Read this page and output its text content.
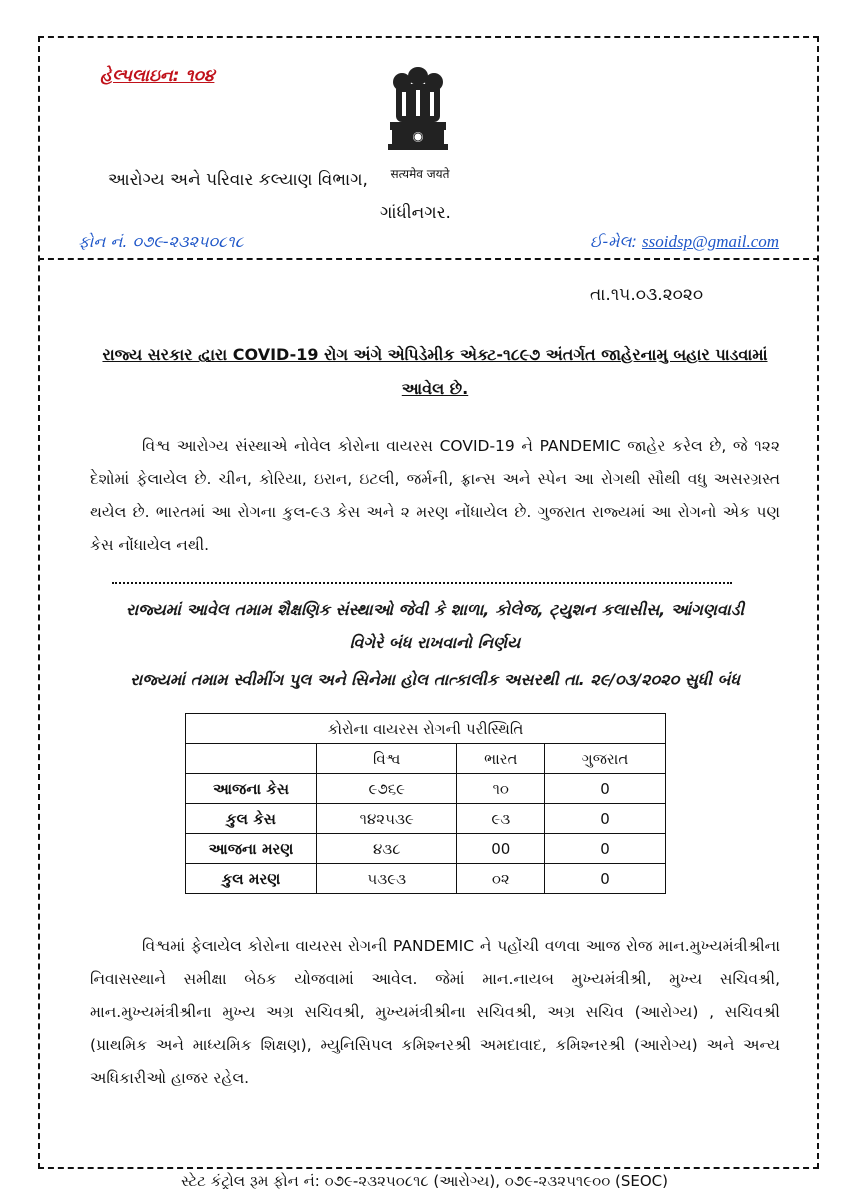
હેલ્પલાઇન: ૧૦૪
सत्यमेव जयते
આરોગ્ય અને પરિવાર કલ્યાણ વિભાગ,
ગાંધીનગર.
ફોન નં. ૦૭૯-૨૩૨૫૦૮૧૮	ઈ-મેલ: ssoidsp@gmail.com
તા.૧૫.૦૩.૨૦૨૦
રાજ્ય સરકાર દ્વારા COVID-19 રોગ અંગે એપિડેમીક એક્ટ-૧૮૯૭ અંતર્ગત જાહેરનામુ બહાર પાડવામાં આવેલ છે.
વિશ્વ આરોગ્ય સંસ્થાએ નોવેલ કોરોના વાયરસ COVID-19 ને PANDEMIC જાહેર કરેલ છે, જે ૧૨૨ દેશોમાં ફેલાયેલ છે. ચીન, કોરિયા, ઇરાન, ઇટલી, જર્મની, ફ્રાન્સ અને સ્પેન આ રોગથી સૌથી વધુ અસરગ્રસ્ત થયેલ છે. ભારતમાં આ રોગના કુલ-૯૩ કેસ અને ૨ મરણ નોંધાયેલ છે. ગુજરાત રાજ્યમાં આ રોગનો એક પણ કેસ નોંધાયેલ નથી.
રાજ્યમાં આવેલ તમામ શૈક્ષણિક સંસ્થાઓ જેવી કે શાળા, કોલેજ, ટ્યુશન કલાસીસ, આંગણવાડી
વિગેરે બંધ રાખવાનો નિર્ણય
રાજ્યમાં તમામ સ્વીમીંગ પુલ અને સિનેમા હોલ તાત્કાલીક અસરથી તા. ૨૯/૦૩/૨૦૨૦ સુધી બંધ
કોરોના વાયરસ રોગની પરીસ્થિતિ			
	વિશ્વ	ભારત	ગુજરાત
આજના કેસ	૯૭૬૯	૧૦	0
કુલ કેસ	૧૪૨૫૩૯	૯૩	0
આજના મરણ	૪૩૮	00	0
કુલ મરણ	૫૩૯૩	૦૨	0
વિશ્વમાં ફેલાયેલ કોરોના વાયરસ રોગની PANDEMIC ને પહોંચી વળવા આજ રોજ માન.મુખ્યમંત્રીશ્રીના નિવાસસ્થાને સમીક્ષા બેઠક યોજવામાં આવેલ. જેમાં માન.નાયબ મુખ્યમંત્રીશ્રી, મુખ્ય સચિવશ્રી, માન.મુખ્યમંત્રીશ્રીના મુખ્ય અગ્ર સચિવશ્રી, મુખ્યમંત્રીશ્રીના સચિવશ્રી, અગ્ર સચિવ (આરોગ્ય) , સચિવશ્રી (પ્રાથમિક અને માધ્યમિક શિક્ષણ), મ્યુનિસિપલ કમિશ્નરશ્રી અમદાવાદ, કમિશ્નરશ્રી (આરોગ્ય) અને અન્ય અધિકારીઓ હાજર રહેલ.
સ્ટેટ કંટ્રોલ રૂમ ફોન નં: ૦૭૯-૨૩૨૫૦૮૧૮ (આરોગ્ય), ૦૭૯-૨૩૨૫૧૯૦૦ (SEOC)
